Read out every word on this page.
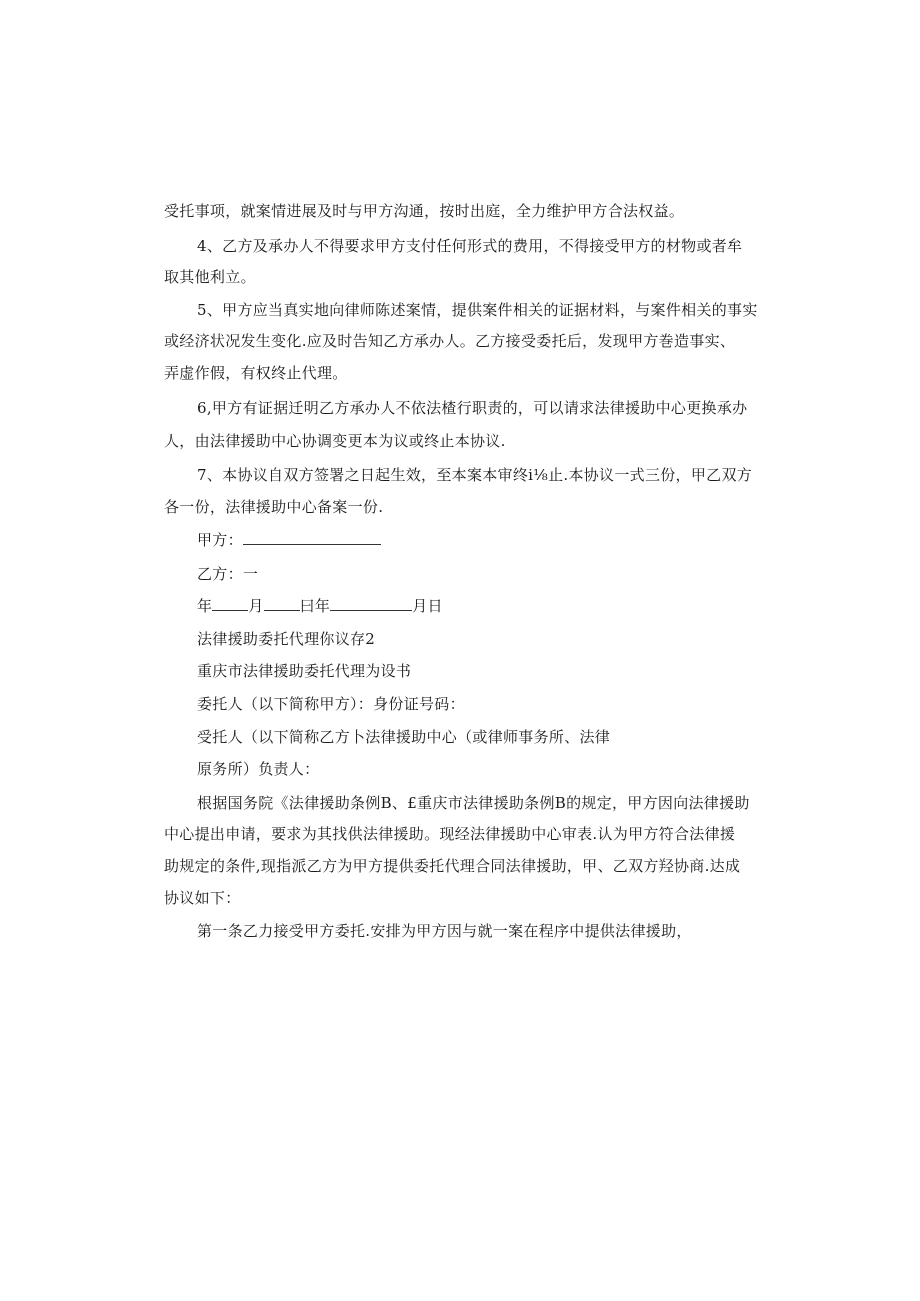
受托事项，就案情进展及时与甲方沟通，按时出庭，全力维护甲方合法权益。
4、乙方及承办人不得要求甲方支付任何形式的费用，不得接受甲方的材物或者牟
取其他利立。
5、甲方应当真实地向律师陈述案情，提供案件相关的证据材料，与案件相关的事实
或经济状况发生变化.应及时告知乙方承办人。乙方接受委托后，发现甲方巻造事实、
弄虚作假，有权终止代理。
6,甲方有证据迁明乙方承办人不依法楂行职责的，可以请求法律援助中心更换承办
人，由法律援助中心协调变更本为议或终止本协议.
7、本协议自双方签署之日起生效，至本案本审终i⅛止.本协议一式三份，甲乙双方
各一份，法律援助中心备案一份.
甲方：
乙方：一
年 月 曰年	月日
法律援助委托代理你议存2
重庆市法律援助委托代理为设书
委托人（以下简称甲方）：身份证号码：
受托人（以下简称乙方卜法律援助中心（或律师事务所、法律
原务所）负责人：
根据国务院《法律援助条例B、£重庆市法律援助条例B的规定，甲方因向法律援助
中心提出申请，要求为其找供法律援助。现经法律援助中心审表.认为甲方符合法律援
助规定的条件,现指派乙方为甲方提供委托代理合同法律援助，甲、乙双方羟协商.达成
协议如下：
第一条乙力接受甲方委托.安排为甲方因与就一案在程序中提供法律援助，
